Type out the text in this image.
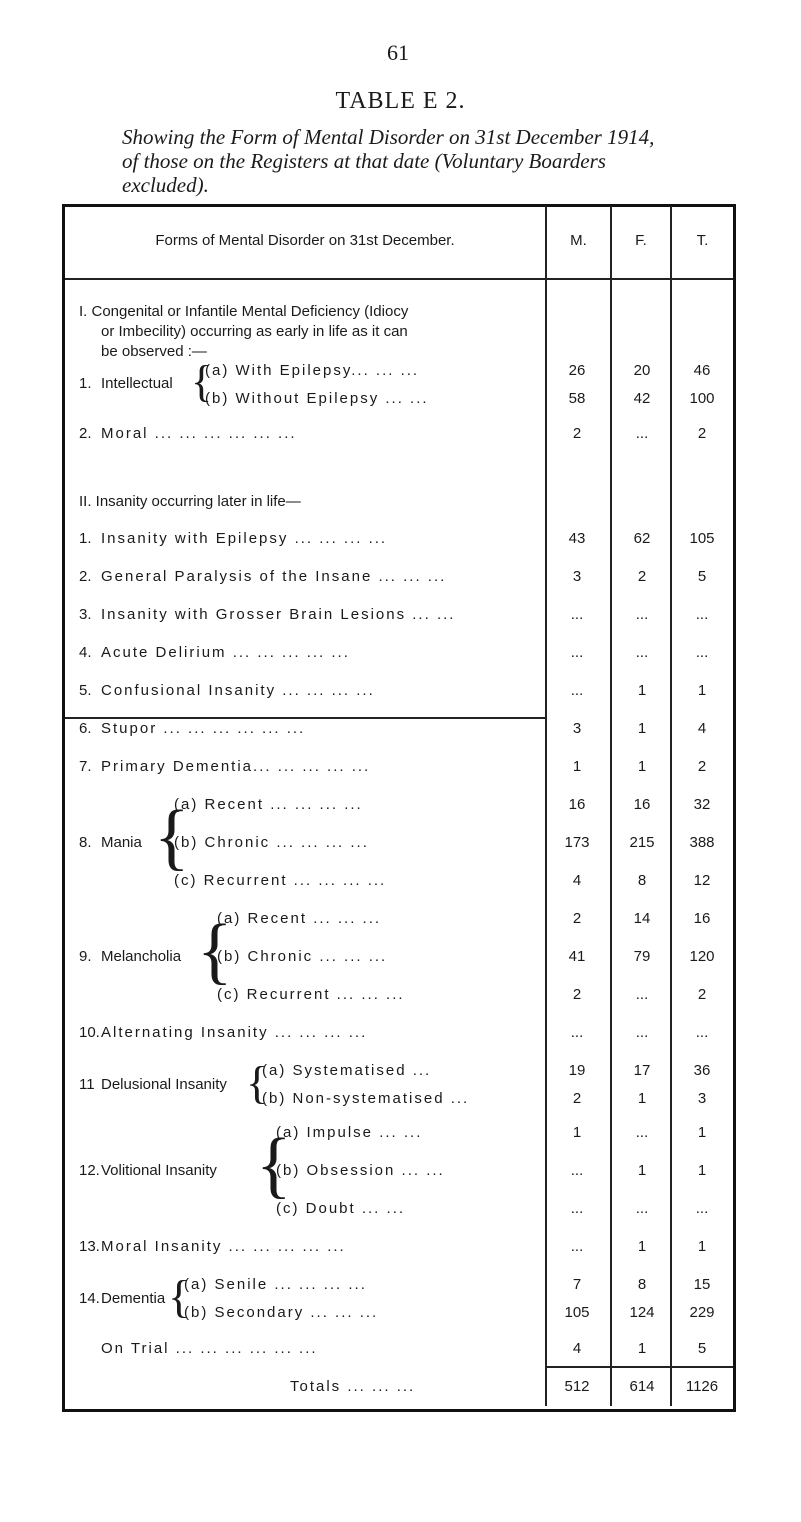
61
TABLE E 2.
Showing the Form of Mental Disorder on 31st December 1914,
of those on the Registers at that date (Voluntary Boarders
excluded).
Forms of Mental Disorder on 31st December.	M.	F.	T.
I. Congenital or Infantile Mental Deficiency (Idiocy
or Imbecility) occurring as early in life as it can
be observed :—
1. Intellectual {
(a) With Epilepsy... ... ...	26	20	46
(b) Without Epilepsy ... ...	58	42	100
2. Moral ... ... ... ... ... ...	2	...	2
II. Insanity occurring later in life—
1. Insanity with Epilepsy ... ... ... ...	43	62	105
2. General Paralysis of the Insane ... ... ...	3	2	5
3. Insanity with Grosser Brain Lesions ... ...	...	...	...
4. Acute Delirium ... ... ... ... ...	...	...	...
5. Confusional Insanity ... ... ... ...	...	1	1
6. Stupor ... ... ... ... ... ...	3	1	4
7. Primary Dementia... ... ... ... ...	1	1	2
8. Mania {
(a) Recent ... ... ... ...	16	16	32
(b) Chronic ... ... ... ...	173	215	388
(c) Recurrent ... ... ... ...	4	8	12
9. Melancholia {
(a) Recent ... ... ...	2	14	16
(b) Chronic ... ... ...	41	79	120
(c) Recurrent ... ... ...	2	...	2
10. Alternating Insanity ... ... ... ...	...	...	...
11 Delusional Insanity {
(a) Systematised ...	19	17	36
(b) Non-systematised ...	2	1	3
12. Volitional Insanity {
(a) Impulse ... ...	1	...	1
(b) Obsession ... ...	...	1	1
(c) Doubt ... ...	...	...	...
13. Moral Insanity ... ... ... ... ...	...	1	1
14. Dementia {
(a) Senile ... ... ... ...	7	8	15
(b) Secondary ... ... ...	105	124	229
On Trial ... ... ... ... ... ...	4	1	5
Totals ... ... ...	512	614	1126
